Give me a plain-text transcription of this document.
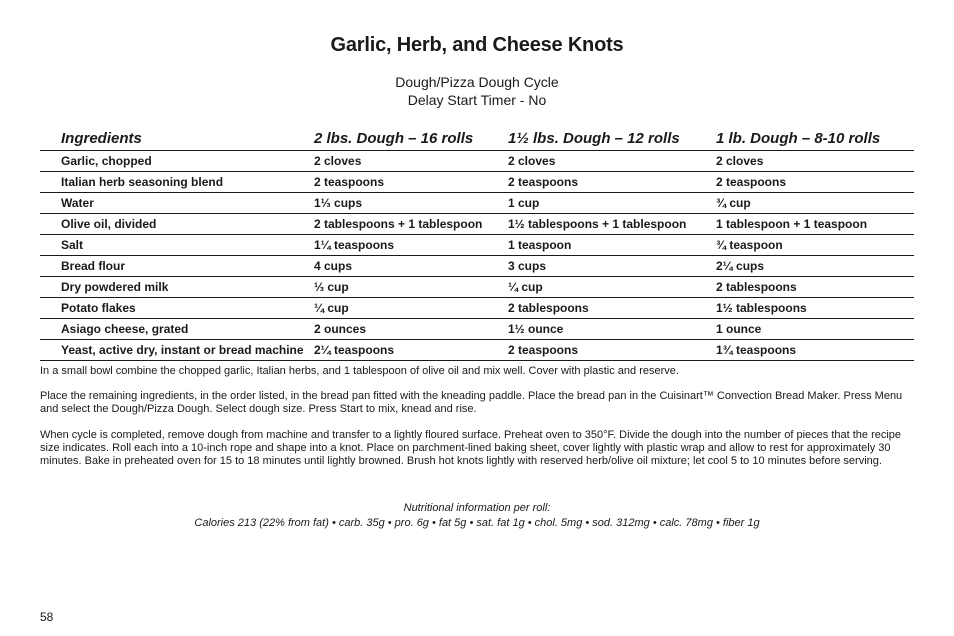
Garlic, Herb, and Cheese Knots
Dough/Pizza Dough Cycle
Delay Start Timer - No
Ingredients	2 lbs. Dough – 16 rolls	1½ lbs. Dough – 12 rolls	1 lb. Dough – 8-10 rolls
Garlic, chopped	2 cloves	2 cloves	2 cloves
Italian herb seasoning blend	2 teaspoons	2 teaspoons	2 teaspoons
Water	1⅓ cups	1 cup	¾ cup
Olive oil, divided	2 tablespoons + 1 tablespoon	1½ tablespoons + 1 tablespoon	1 tablespoon + 1 teaspoon
Salt	1¼ teaspoons	1 teaspoon	¾ teaspoon
Bread flour	4 cups	3 cups	2¼ cups
Dry powdered milk	⅓ cup	¼ cup	2 tablespoons
Potato flakes	¼ cup	2 tablespoons	1½ tablespoons
Asiago cheese, grated	2 ounces	1½ ounce	1 ounce
Yeast, active dry, instant or bread machine 2¼ teaspoons	2 teaspoons	1¾ teaspoons
In a small bowl combine the chopped garlic, Italian herbs, and 1 tablespoon of olive oil and mix well. Cover with plastic and reserve.
Place the remaining ingredients, in the order listed, in the bread pan fitted with the kneading paddle. Place the bread pan in the Cuisinart™ Convection Bread Maker. Press Menu and select the Dough/Pizza Dough. Select dough size. Press Start to mix, knead and rise.
When cycle is completed, remove dough from machine and transfer to a lightly floured surface. Preheat oven to 350°F. Divide the dough into the number of pieces that the recipe size indicates. Roll each into a 10-inch rope and shape into a knot. Place on parchment-lined baking sheet, cover lightly with plastic wrap and allow to rest for approximately 30 minutes. Bake in preheated oven for 15 to 18 minutes until lightly browned. Brush hot knots lightly with reserved herb/olive oil mixture; let cool 5 to 10 minutes before serving.
Nutritional information per roll:
Calories 213 (22% from fat) • carb. 35g • pro. 6g • fat 5g • sat. fat 1g • chol. 5mg • sod. 312mg • calc. 78mg • fiber 1g
58
